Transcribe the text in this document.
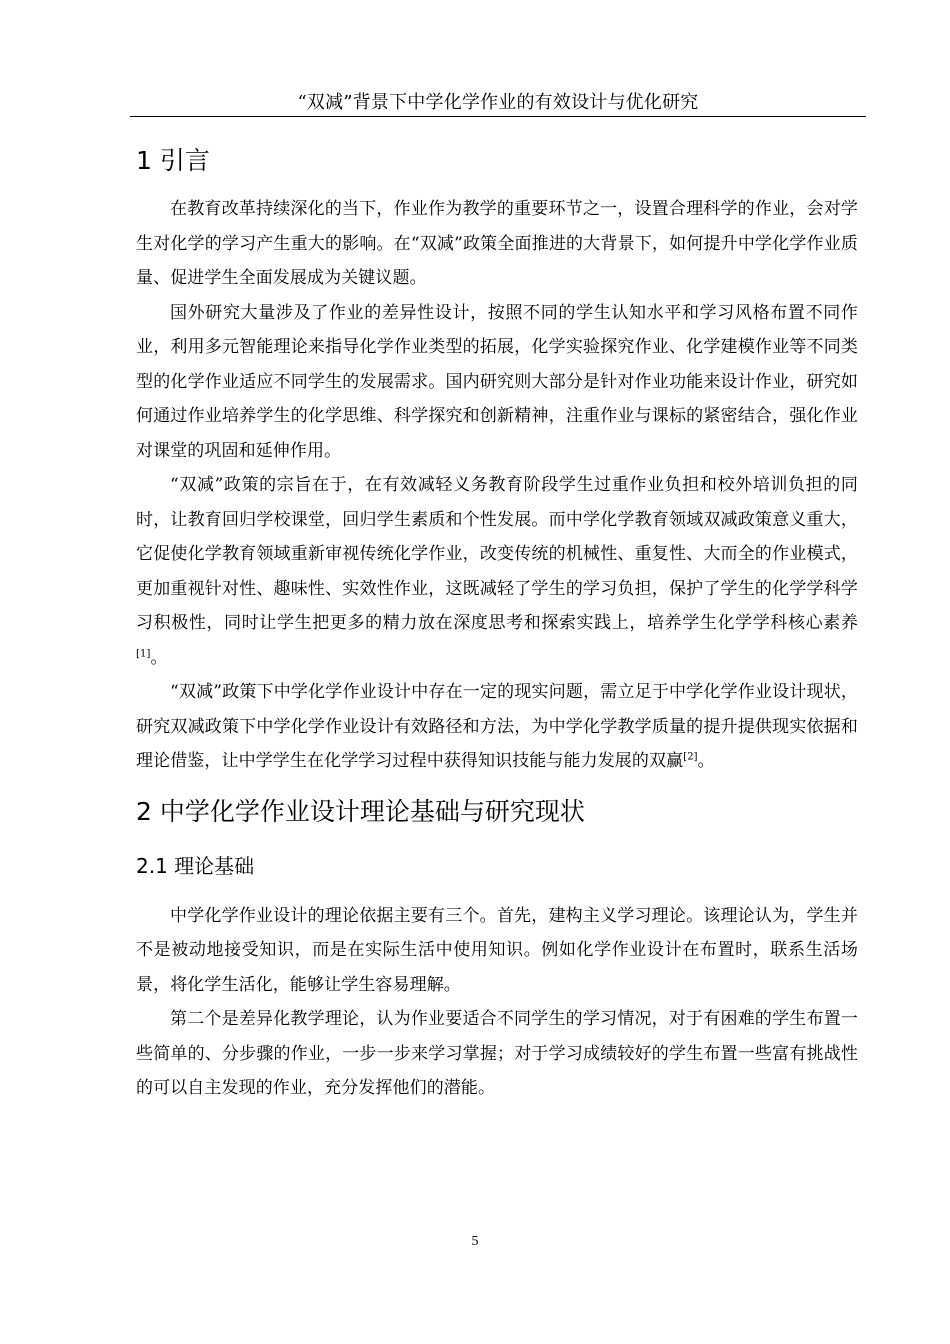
“双减”背景下中学化学作业的有效设计与优化研究
1 引言

在教育改革持续深化的当下，作业作为教学的重要环节之一，设置合理科学的作业，会对学生对化学的学习产生重大的影响。在“双减”政策全面推进的大背景下，如何提升中学化学作业质量、促进学生全面发展成为关键议题。

国外研究大量涉及了作业的差异性设计，按照不同的学生认知水平和学习风格布置不同作业，利用多元智能理论来指导化学作业类型的拓展，化学实验探究作业、化学建模作业等不同类型的化学作业适应不同学生的发展需求。国内研究则大部分是针对作业功能来设计作业，研究如何通过作业培养学生的化学思维、科学探究和创新精神，注重作业与课标的紧密结合，强化作业对课堂的巩固和延伸作用。

“双减”政策的宗旨在于，在有效减轻义务教育阶段学生过重作业负担和校外培训负担的同时，让教育回归学校课堂，回归学生素质和个性发展。而中学化学教育领域双减政策意义重大，它促使化学教育领域重新审视传统化学作业，改变传统的机械性、重复性、大而全的作业模式，更加重视针对性、趣味性、实效性作业，这既减轻了学生的学习负担，保护了学生的化学学科学习积极性，同时让学生把更多的精力放在深度思考和探索实践上，培养学生化学学科核心素养[1]。

“双减”政策下中学化学作业设计中存在一定的现实问题，需立足于中学化学作业设计现状，研究双减政策下中学化学作业设计有效路径和方法，为中学化学教学质量的提升提供现实依据和理论借鉴，让中学学生在化学学习过程中获得知识技能与能力发展的双赢[2]。

2 中学化学作业设计理论基础与研究现状
2.1 理论基础

中学化学作业设计的理论依据主要有三个。首先，建构主义学习理论。该理论认为，学生并不是被动地接受知识，而是在实际生活中使用知识。例如化学作业设计在布置时，联系生活场景，将化学生活化，能够让学生容易理解。

第二个是差异化教学理论，认为作业要适合不同学生的学习情况，对于有困难的学生布置一些简单的、分步骤的作业，一步一步来学习掌握；对于学习成绩较好的学生布置一些富有挑战性的可以自主发现的作业，充分发挥他们的潜能。

5
